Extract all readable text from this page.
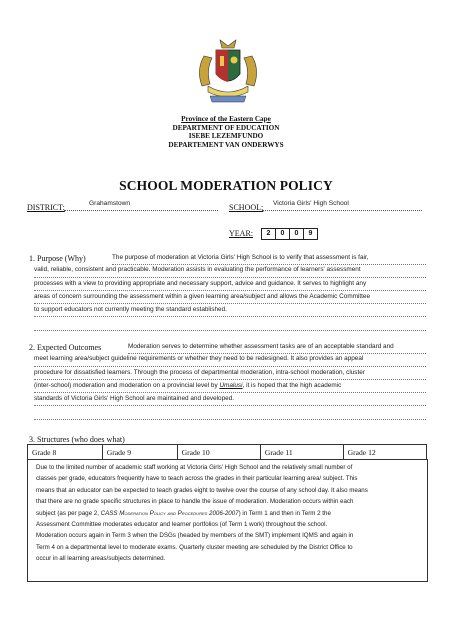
Province of the Eastern Cape
DEPARTMENT OF EDUCATION
ISEBE LEZEMFUNDO
DEPARTEMENT VAN ONDERWYS
SCHOOL MODERATION POLICY
DISTRICT:	Grahamstown	SCHOOL: Victoria Girls' High School
YEAR:	2	0	0	9
1. Purpose (Why)	The purpose of moderation at Victoria Girls' High School is to verify that assessment is fair,
valid, reliable, consistent and practicable. Moderation assists in evaluating the performance of learners' assessment
processes with a view to providing appropriate and necessary support, advice and guidance. It serves to highlight any
areas of concern surrounding the assessment within a given learning area/subject and allows the Academic Committee
to support educators not currently meeting the standard established.
2. Expected Outcomes	Moderation serves to determine whether assessment tasks are of an acceptable standard and
meet learning area/subject guideline requirements or whether they need to be redesigned. It also provides an appeal
procedure for dissatisfied learners. Through the process of departmental moderation, intra-school moderation, cluster
(inter-school) moderation and moderation on a provincial level by Umalusi, it is hoped that the high academic
standards of Victoria Girls' High School are maintained and developed.
3. Structures (who does what)
Grade 8	Grade 9	Grade 10	Grade 11	Grade 12
Due to the limited number of academic staff working at Victoria Girls' High School and the relatively small number of
classes per grade, educators frequently have to teach across the grades in their particular learning area/ subject. This
means that an educator can be expected to teach grades eight to twelve over the course of any school day. It also means
that there are no grade specific structures in place to handle the issue of moderation. Moderation occurs within each
subject (as per page 2, CASS Moderation Policy and Procedures 2006-2007) in Term 1 and then in Term 2 the
Assessment Committee moderates educator and learner portfolios (of Term 1 work) throughout the school.
Moderation occurs again in Term 3 when the DSGs (headed by members of the SMT) implement IQMS and again in
Term 4 on a departmental level to moderate exams. Quarterly cluster meeting are scheduled by the District Office to
occur in all learning areas/subjects determined.
